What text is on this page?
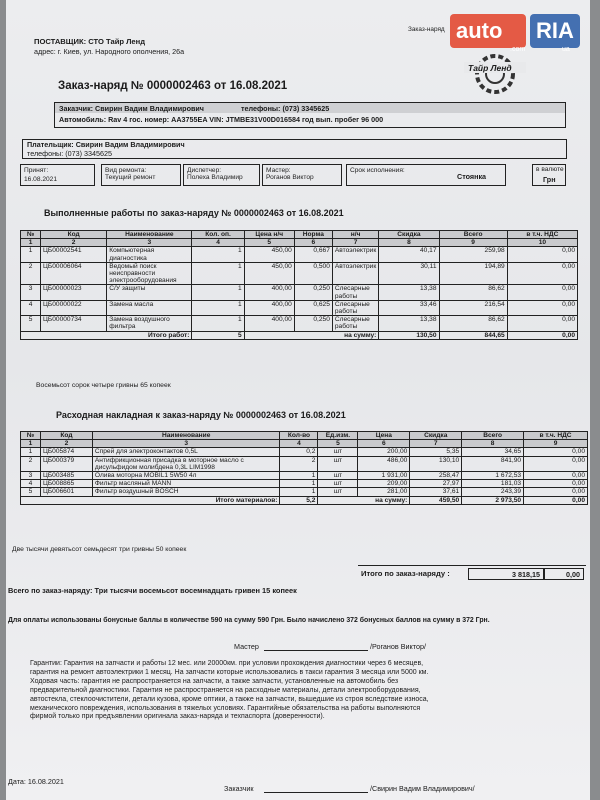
ПОСТАВЩИК: СТО Тайр Ленд
адрес: г. Киев, ул. Народного ополчения, 26а
Заказ-наряд
Заказ-наряд № 0000002463 от 16.08.2021
Тайр Ленд
Заказчик: Свирин Вадим Владимирович	телефоны: (073) 3345625
Автомобиль: Rav 4 гос. номер: AA3755EA VIN: JTMBE31V00D016584 год вып. пробег 96 000
Плательщик: Свирин Вадим Владимирович
телефоны: (073) 3345625
Принят:
16.08.2021
Вид ремонта:
Текущий ремонт
Диспетчер:
Полеха Владимир
Мастер:
Роганов Виктор
Срок исполнения:
Стоянка
в валюте
Грн
Выполненные работы по заказ-наряду № 0000002463 от 16.08.2021
№	Код	Наименование	Кол. оп.	Цена н/ч	Норма	н/ч	Скидка	Всего	в т.ч. НДС
1	2	3	4	5	6	7	8	9	10
1	ЦБ00002541	Компьютерная диагностика	1	450,00	0,667	Автоэлектрик	40,17	259,98	0,00
2	ЦБ00006064	Ведомый поиск неисправности электрооборудования	1	450,00	0,500	Автоэлектрик	30,11	194,89	0,00
3	ЦБ00000023	С/У защиты	1	400,00	0,250	Слесарные работы	13,38	86,62	0,00
4	ЦБ00000022	Замена масла	1	400,00	0,625	Слесарные работы	33,46	216,54	0,00
5	ЦБ00000734	Замена воздушного фильтра	1	400,00	0,250	Слесарные работы	13,38	86,62	0,00
Итого работ:			5	на сумму:			130,50	844,65	0,00
Восемьсот сорок четыре гривны 65 копеек
Расходная накладная к заказ-наряду № 0000002463 от 16.08.2021
№	Код	Наименование	Кол-во	Ед.изм.	Цена	Скидка	Всего	в т.ч. НДС
1	2	3	4	5	6	7	8	9
1	ЦБ005874	Спрей для электроконтактов 0,5L	0,2	шт	200,00	5,35	34,65	0,00
2	ЦБ000379	Антифрикционная присадка в моторное масло с дисульфидом молибдена 0,3L LIM1998	2	шт	486,00	130,10	841,90	0,00
3	ЦБ003485	Олива моторна MOBIL1 5W50 4л	1	шт	1 931,00	258,47	1 672,53	0,00
4	ЦБ008865	Фильтр масляный MANN	1	шт	209,00	27,97	181,03	0,00
5	ЦБ006601	Фильтр воздушный BOSCH	1	шт	281,00	37,61	243,39	0,00
Итого материалов:			5,2	на сумму:		459,50	2 973,50	0,00
Две тысячи девятьсот семьдесят три гривны 50 копеек
Итого по заказ-наряду :	3 818,15	0,00
Всего по заказ-наряду: Три тысячи восемьсот восемнадцать гривен 15 копеек
Для оплаты использованы бонусные баллы в количестве 590 на сумму 590 Грн. Было начислено 372 бонусных баллов на сумму в 372 Грн.
Мастер	/Роганов Виктор/
Гарантии: Гарантия на запчасти и работы 12 мес. или 20000км. при условии прохождения диагностики через 6 месяцев,
гарантия на ремонт автоэлектрики 1 месяц. На запчасти которые использовались в такси гарантия 3 месяца или 5000 км.
Ходовая часть: гарантия не распространяется на запчасти, а также запчасти, установленные на автомобиль без
предварительной диагностики. Гарантия не распространяется на расходные материалы, детали электрооборудования,
автостекла, стеклоочистители, детали кузова, кроме оптики, а также на запчасти, вышедшие из строя вследствие износа,
механического повреждения, использования в тяжелых условиях. Гарантийные обязательства на работы выполняются
фирмой только при предъявлении оригинала заказ-наряда и техпаспорта (доверенности).
Дата: 16.08.2021
Заказчик	/Свирин Вадим Владимирович/
auto RIA
.com	ua
